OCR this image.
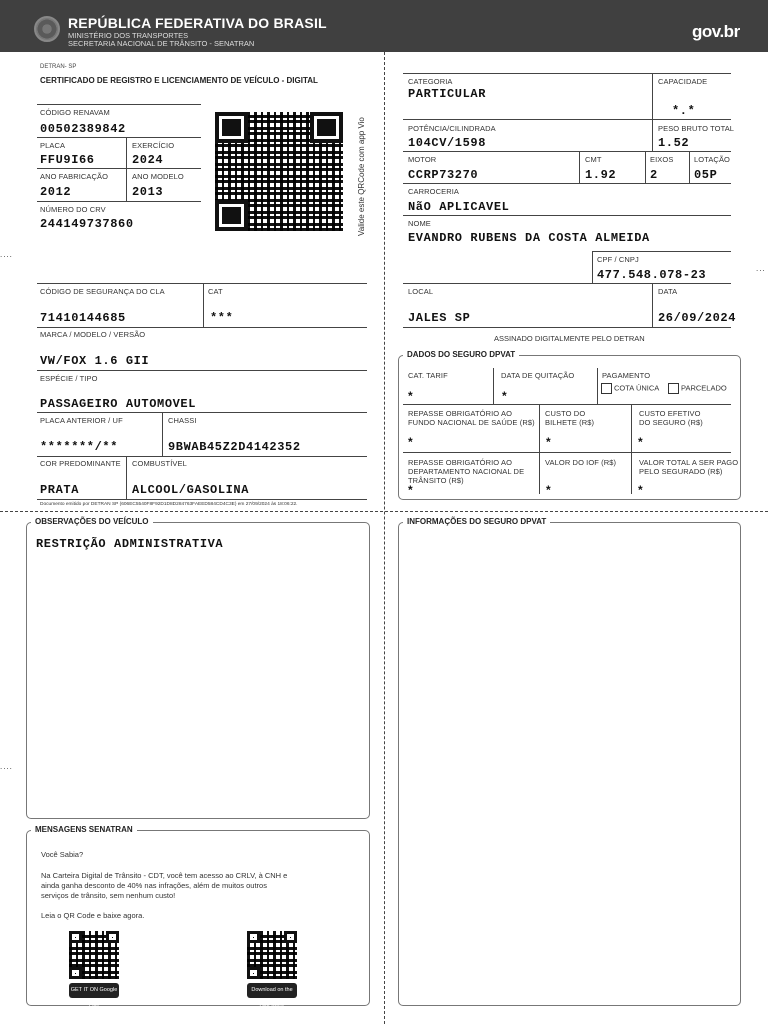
REPÚBLICA FEDERATIVA DO BRASIL
MINISTÉRIO DOS TRANSPORTES
SECRETARIA NACIONAL DE TRÂNSITO - SENATRAN
gov.br
....
...
....
DETRAN- SP
CERTIFICADO DE REGISTRO E LICENCIAMENTO DE VEÍCULO - DIGITAL
CÓDIGO RENAVAM
00502389842
PLACA
FFU9I66
EXERCÍCIO
2024
ANO FABRICAÇÃO
2012
ANO MODELO
2013
NÚMERO DO CRV
244149737860	Valide este QRCode com app Vio
CÓDIGO DE SEGURANÇA DO CLA
71410144685
CAT
***
MARCA / MODELO / VERSÃO
VW/FOX 1.6 GII
ESPÉCIE / TIPO
PASSAGEIRO AUTOMOVEL
PLACA ANTERIOR / UF
*******/**
CHASSI
9BWAB45Z2D4142352
COR PREDOMINANTE
PRATA
COMBUSTÍVEL
ALCOOL/GASOLINA
Documento emitido por DETRAN SP (606EC5540F8F92D1D8D284763FAEED584CD4C3E) em 27/09/2024 às 18:06:22.
CATEGORIA
PARTICULAR
CAPACIDADE
*.*
POTÊNCIA/CILINDRADA
104CV/1598
PESO BRUTO TOTAL
1.52
MOTOR
CCRP73270
CMT
1.92
EIXOS
2
LOTAÇÃO
05P
CARROCERIA
NãO APLICAVEL
NOME
EVANDRO RUBENS DA COSTA ALMEIDA
CPF / CNPJ
477.548.078-23
LOCAL
JALES SP
DATA
26/09/2024
ASSINADO DIGITALMENTE PELO DETRAN
DADOS DO SEGURO DPVAT
CAT. TARIF
*
DATA DE QUITAÇÃO
*
PAGAMENTO
COTA ÚNICA	PARCELADO
REPASSE OBRIGATÓRIO AO
FUNDO NACIONAL DE SAÚDE (R$)
*
CUSTO DO
BILHETE (R$)
*
CUSTO EFETIVO
DO SEGURO (R$)
*
REPASSE OBRIGATÓRIO AO
DEPARTAMENTO NACIONAL DE
TRÂNSITO (R$)
*
VALOR DO IOF (R$)
*
VALOR TOTAL A SER PAGO
PELO SEGURADO (R$)
*
OBSERVAÇÕES DO VEÍCULO
RESTRIÇÃO ADMINISTRATIVA
INFORMAÇÕES DO SEGURO DPVAT
MENSAGENS SENATRAN
Você Sabia?
Na Carteira Digital de Trânsito - CDT, você tem acesso ao CRLV, à CNH e
ainda ganha desconto de 40% nas infrações, além de muitos outros
serviços de trânsito, sem nenhum custo!
Leia o QR Code e baixe agora.
GET IT ON Google Play
Download on the App Store
